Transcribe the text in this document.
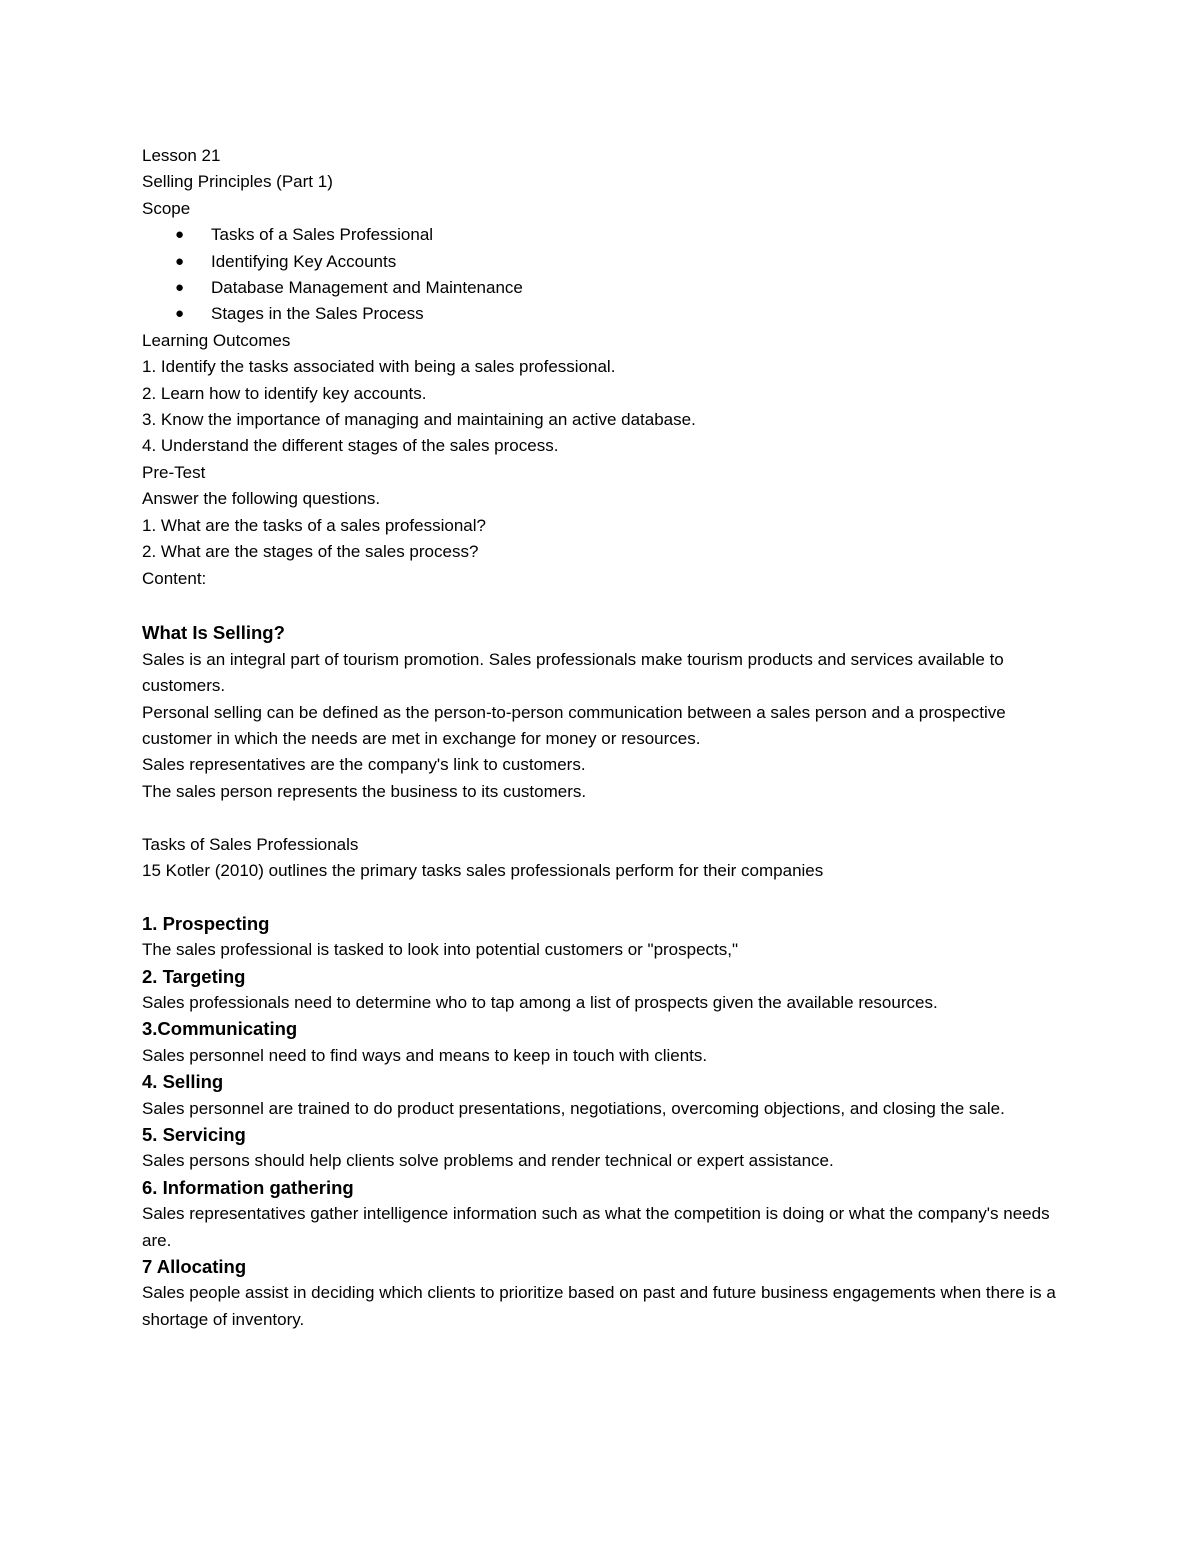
Lesson 21
Selling Principles (Part 1)
Scope
● Tasks of a Sales Professional
● Identifying Key Accounts
● Database Management and Maintenance
● Stages in the Sales Process
Learning Outcomes
1. Identify the tasks associated with being a sales professional.
2. Learn how to identify key accounts.
3. Know the importance of managing and maintaining an active database.
4. Understand the different stages of the sales process.
Pre-Test
Answer the following questions.
1. What are the tasks of a sales professional?
2. What are the stages of the sales process?
Content:
What Is Selling?
Sales is an integral part of tourism promotion. Sales professionals make tourism products and services available to customers.
Personal selling can be defined as the person-to-person communication between a sales person and a prospective customer in which the needs are met in exchange for money or resources.
Sales representatives are the company's link to customers.
The sales person represents the business to its customers.
Tasks of Sales Professionals
15 Kotler (2010) outlines the primary tasks sales professionals perform for their companies
1. Prospecting
The sales professional is tasked to look into potential customers or "prospects,"
2. Targeting
Sales professionals need to determine who to tap among a list of prospects given the available resources.
3.Communicating
Sales personnel need to find ways and means to keep in touch with clients.
4. Selling
Sales personnel are trained to do product presentations, negotiations, overcoming objections, and closing the sale.
5. Servicing
Sales persons should help clients solve problems and render technical or expert assistance.
6. Information gathering
Sales representatives gather intelligence information such as what the competition is doing or what the company's needs are.
7 Allocating
Sales people assist in deciding which clients to prioritize based on past and future business engagements when there is a shortage of inventory.
